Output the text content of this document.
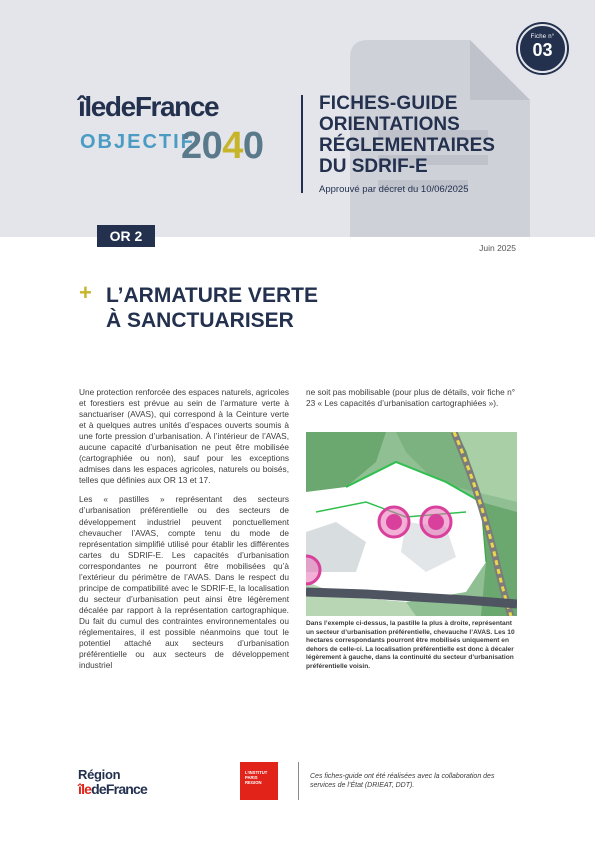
Fiche n°
03
îledeFrance
OBJECTIF
2040
FICHES-GUIDE
ORIENTATIONS
RÉGLEMENTAIRES
DU SDRIF-E
Approuvé par décret du 10/06/2025
OR 2
Juin 2025
+ L’ARMATURE VERTE
À SANCTUARISER

Une protection renforcée des espaces naturels, agricoles et forestiers est prévue au sein de l’armature verte à sanctuariser (AVAS), qui correspond à la Ceinture verte et à quelques autres unités d’espaces ouverts soumis à une forte pression d’urbanisation. À l’intérieur de l’AVAS, aucune capacité d’urbanisation ne peut être mobilisée (cartographiée ou non), sauf pour les exceptions admises dans les espaces agricoles, naturels ou boisés, telles que définies aux OR 13 et 17.

Les « pastilles » représentant des secteurs d’urbanisation préférentielle ou des secteurs de développement industriel peuvent ponctuellement chevaucher l’AVAS, compte tenu du mode de représentation simplifié utilisé pour établir les différentes cartes du SDRIF-E. Les capacités d’urbanisation correspondantes ne pourront être mobilisées qu’à l’extérieur du périmètre de l’AVAS. Dans le respect du principe de compatibilité avec le SDRIF-E, la localisation du secteur d’urbanisation peut ainsi être légèrement décalée par rapport à la représentation cartographique. Du fait du cumul des contraintes environnementales ou réglementaires, il est possible néanmoins que tout le potentiel attaché aux secteurs d’urbanisation préférentielle ou aux secteurs de développement industriel

ne soit pas mobilisable (pour plus de détails, voir fiche n° 23 « Les capacités d’urbanisation cartographiées »).
Dans l’exemple ci-dessus, la pastille la plus à droite, représentant un secteur d’urbanisation préférentielle, chevauche l’AVAS. Les 10 hectares correspondants pourront être mobilisés uniquement en dehors de celle-ci. La localisation préférentielle est donc à décaler légèrement à gauche, dans la continuité du secteur d’urbanisation préférentielle voisin.
Région
îledeFrance
L’INSTITUT
PARIS
REGION
Ces fiches-guide ont été réalisées avec la collaboration des services de l’État (DRIEAT, DDT).
